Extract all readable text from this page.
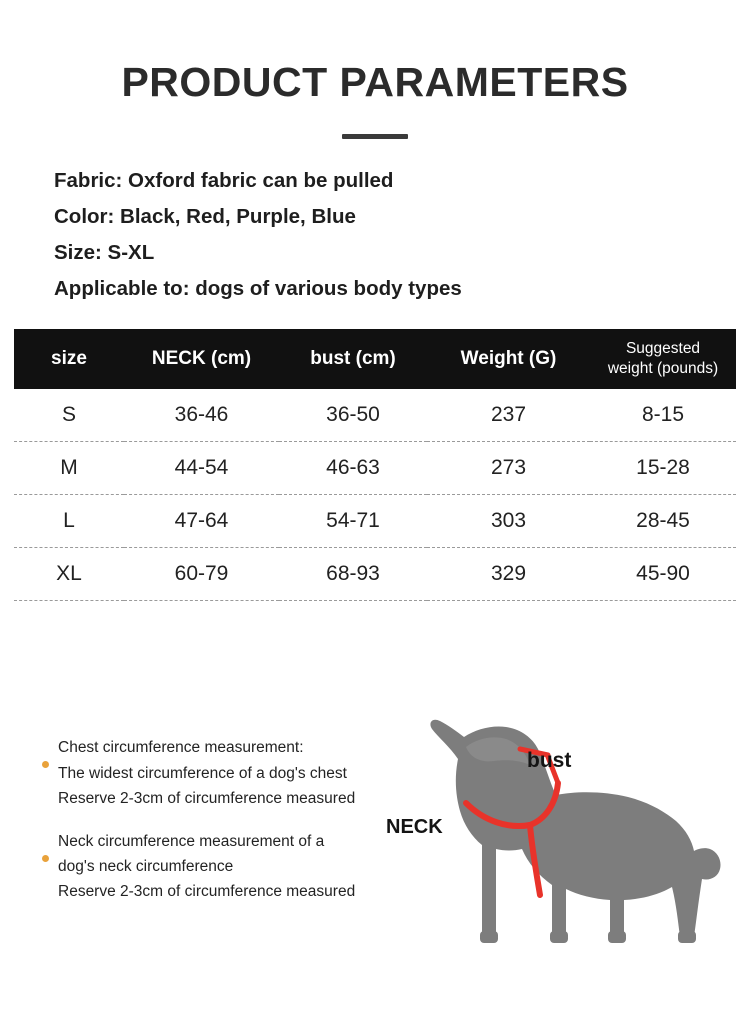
PRODUCT PARAMETERS
Fabric: Oxford fabric can be pulled
Color: Black, Red, Purple, Blue
Size: S-XL
Applicable to: dogs of various body types
size	NECK (cm)	bust (cm)	Weight (G)	Suggested
weight (pounds)

S	36-46	36-50	237	8-15
M	44-54	46-63	273	15-28
L	47-64	54-71	303	28-45
XL	60-79	68-93	329	45-90
Chest circumference measurement:
The widest circumference of a dog's chest
Reserve 2-3cm of circumference measured
Neck circumference measurement of a
dog's neck circumference
Reserve 2-3cm of circumference measured
bust
NECK
